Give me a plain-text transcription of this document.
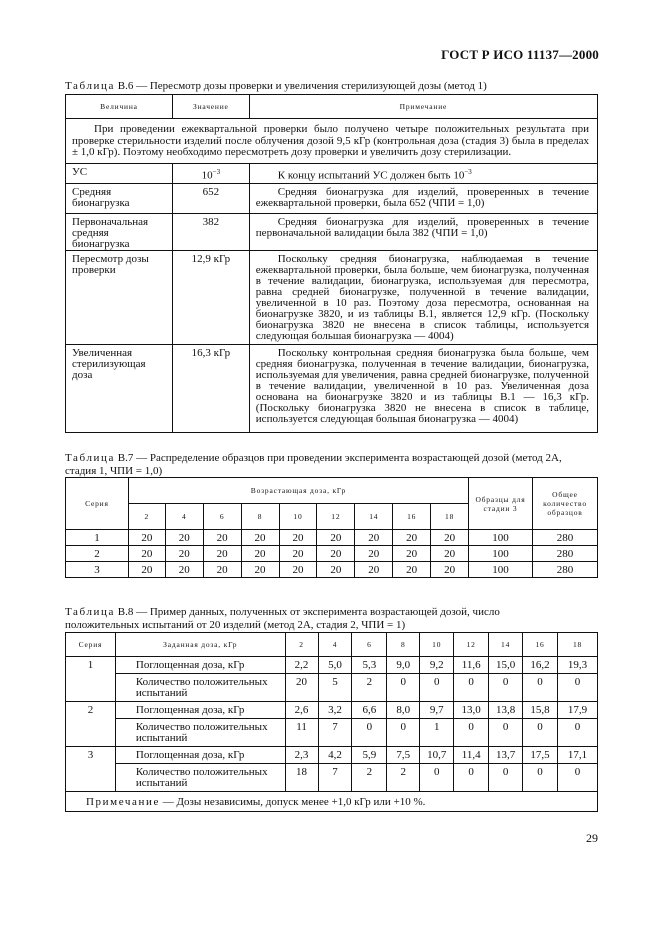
ГОСТ Р ИСО 11137—2000
Таблица В.6 — Пересмотр дозы проверки и увеличения стерилизующей дозы (метод 1)
Величина	Значение	Примечание
При проведении ежеквартальной проверки было получено четыре положительных результата при проверке стерильности изделий после облучения дозой 9,5 кГр (контрольная доза (стадия 3) была в пределах ± 1,0 кГр). Поэтому необходимо пересмотреть дозу проверки и увеличить дозу стерилизации.		
УС	$10^{-3}$	К концу испытаний УС должен быть $10^{-3}$
Средняя бионагрузка	652	Средняя бионагрузка для изделий, проверенных в течение ежеквартальной проверки, была 652 (ЧПИ = 1,0)
Первоначальная средняя бионагрузка	382	Средняя бионагрузка для изделий, проверенных в течение первоначальной валидации была 382 (ЧПИ = 1,0)
Пересмотр дозы проверки	12,9 кГр	Поскольку средняя бионагрузка, наблюдаемая в течение ежеквартальной проверки, была больше, чем бионагрузка, полученная в течение валидации, бионагрузка, используемая для пересмотра, равна средней бионагрузке, полученной в течение валидации, увеличенной в 10 раз. Поэтому доза пересмотра, основанная на бионагрузке 3820, и из таблицы В.1, является 12,9 кГр. (Поскольку бионагрузка 3820 не внесена в список таблицы, используется следующая большая бионагрузка — 4004)
Увеличенная стерилизующая доза	16,3 кГр	Поскольку контрольная средняя бионагрузка была больше, чем средняя бионагрузка, полученная в течение валидации, бионагрузка, используемая для увеличения, равна средней бионагрузке, полученной в течение валидации, увеличенной в 10 раз. Увеличенная доза основана на бионагрузке 3820 и из таблицы В.1 — 16,3 кГр. (Поскольку бионагрузка 3820 не внесена в список в таблице, используется следующая большая бионагрузка — 4004)
Таблица В.7 — Распределение образцов при проведении эксперимента возрастающей дозой (метод 2А,
стадия 1, ЧПИ = 1,0)
Серия	Возрастающая доза, кГр									Образцы для стадии 3	Общее количество образцов
	2	4	6	8	10	12	14	16	18		
1	20	20	20	20	20	20	20	20	20	100	280
2	20	20	20	20	20	20	20	20	20	100	280
3	20	20	20	20	20	20	20	20	20	100	280
Таблица В.8 — Пример данных, полученных от эксперимента возрастающей дозой, число
положительных испытаний от 20 изделий (метод 2А, стадия 2, ЧПИ = 1)
Серия	Заданная доза, кГр	2	4	6	8	10	12	14	16	18
1	Поглощенная доза, кГр	2,2	5,0	5,3	9,0	9,2	11,6	15,0	16,2	19,3
	Количество положительных испытаний	20	5	2	0	0	0	0	0	0
2	Поглощенная доза, кГр	2,6	3,2	6,6	8,0	9,7	13,0	13,8	15,8	17,9
	Количество положительных испытаний	11	7	0	0	1	0	0	0	0
3	Поглощенная доза, кГр	2,3	4,2	5,9	7,5	10,7	11,4	13,7	17,5	17,1
	Количество положительных испытаний	18	7	2	2	0	0	0	0	0
Примечание — Дозы независимы, допуск менее +1,0 кГр или +10 %.										
29
